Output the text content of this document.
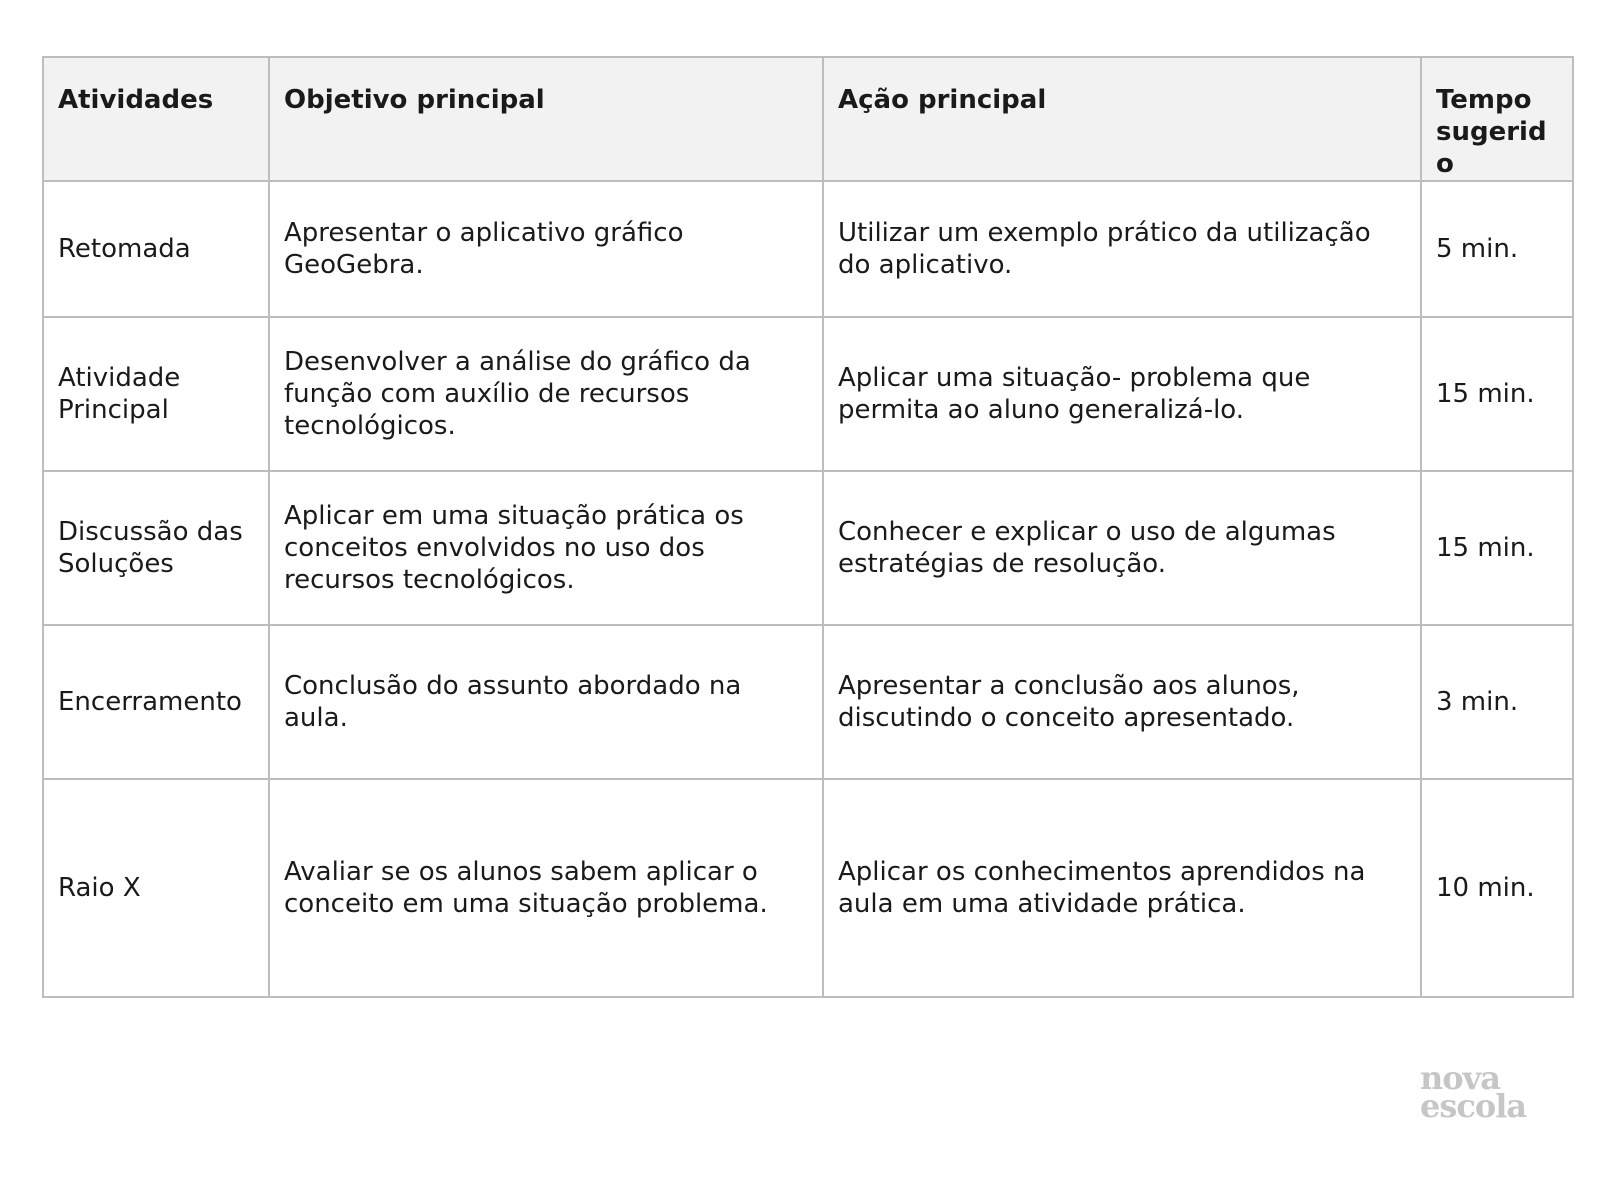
Atividades	Objetivo principal	Ação principal	Tempo sugerido
Retomada	Apresentar o aplicativo gráfico GeoGebra.	Utilizar um exemplo prático da utilização do aplicativo.	5 min.
Atividade Principal	Desenvolver a análise do gráfico da função com auxílio de recursos tecnológicos.	Aplicar uma situação- problema que permita ao aluno generalizá-lo.	15 min.
Discussão das Soluções	Aplicar em uma situação prática os conceitos envolvidos no uso dos recursos tecnológicos.	Conhecer e explicar o uso de algumas estratégias de resolução.	15 min.
Encerramento	Conclusão do assunto abordado na aula.	Apresentar a conclusão aos alunos, discutindo o conceito apresentado.	3 min.
Raio X	Avaliar se os alunos sabem aplicar o conceito em uma situação problema.	Aplicar os conhecimentos aprendidos na aula em uma atividade prática.	10 min.
nova
escola
